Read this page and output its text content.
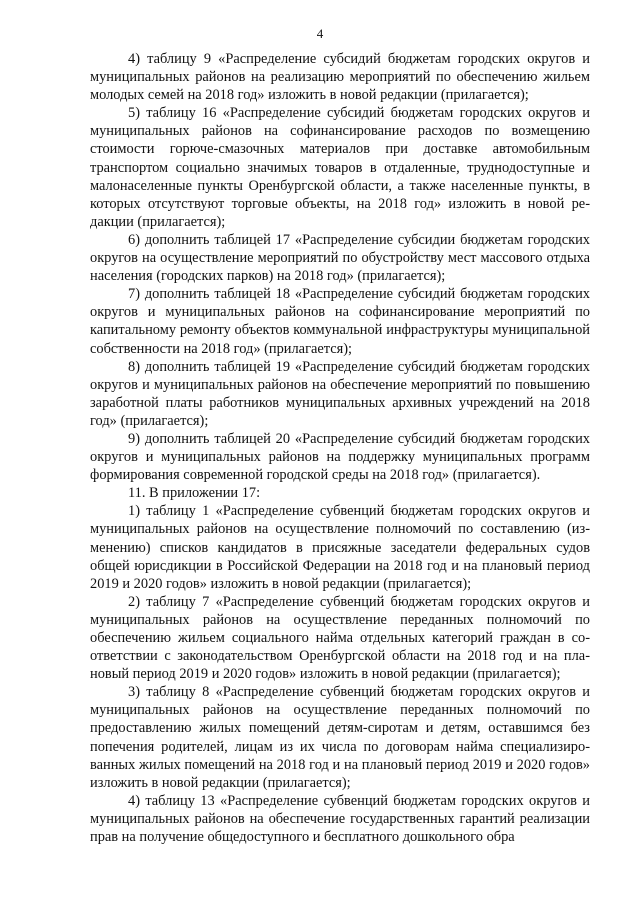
4

4) таблицу 9 «Распределение субсидий бюджетам городских округов и муниципальных районов на реализацию мероприятий по обеспечению жильем молодых семей на 2018 год» изложить в новой редакции (прилагается);

5) таблицу 16 «Распределение субсидий бюджетам городских округов и муниципальных районов на софинансирование расходов по возмещению стоимости горюче-смазочных материалов при доставке автомобильным транспортом социально значимых товаров в отдаленные, труднодоступные и малонаселенные пункты Оренбургской области, а также населенные пункты, в которых отсутствуют торговые объекты, на 2018 год» изложить в новой редакции (прилагается);

6) дополнить таблицей 17 «Распределение субсидии бюджетам городских округов на осуществление мероприятий по обустройству мест массового отдыха населения (городских парков) на 2018 год» (прилагается);

7) дополнить таблицей 18 «Распределение субсидий бюджетам городских округов и муниципальных районов на софинансирование мероприятий по капитальному ремонту объектов коммунальной инфраструктуры муниципальной собственности на 2018 год» (прилагается);

8) дополнить таблицей 19 «Распределение субсидий бюджетам городских округов и муниципальных районов на обеспечение мероприятий по повышению заработной платы работников муниципальных архивных учреждений на 2018 год» (прилагается);

9) дополнить таблицей 20 «Распределение субсидий бюджетам городских округов и муниципальных районов на поддержку муниципальных программ формирования современной городской среды на 2018 год» (прилагается).

11. В приложении 17:

1) таблицу 1 «Распределение субвенций бюджетам городских округов и муниципальных районов на осуществление полномочий по составлению (изменению) списков кандидатов в присяжные заседатели федеральных судов общей юрисдикции в Российской Федерации на 2018 год и на плановый период 2019 и 2020 годов» изложить в новой редакции (прилагается);

2) таблицу 7 «Распределение субвенций бюджетам городских округов и муниципальных районов на осуществление переданных полномочий по обеспечению жильем социального найма отдельных категорий граждан в соответствии с законодательством Оренбургской области на 2018 год и на плановый период 2019 и 2020 годов» изложить в новой редакции (прилагается);

3) таблицу 8 «Распределение субвенций бюджетам городских округов и муниципальных районов на осуществление переданных полномочий по предоставлению жилых помещений детям-сиротам и детям, оставшимся без попечения родителей, лицам из их числа по договорам найма специализированных жилых помещений на 2018 год и на плановый период 2019 и 2020 годов» изложить в новой редакции (прилагается);

4) таблицу 13 «Распределение субвенций бюджетам городских округов и муниципальных районов на обеспечение государственных гарантий реализации прав на получение общедоступного и бесплатного дошкольного обра
